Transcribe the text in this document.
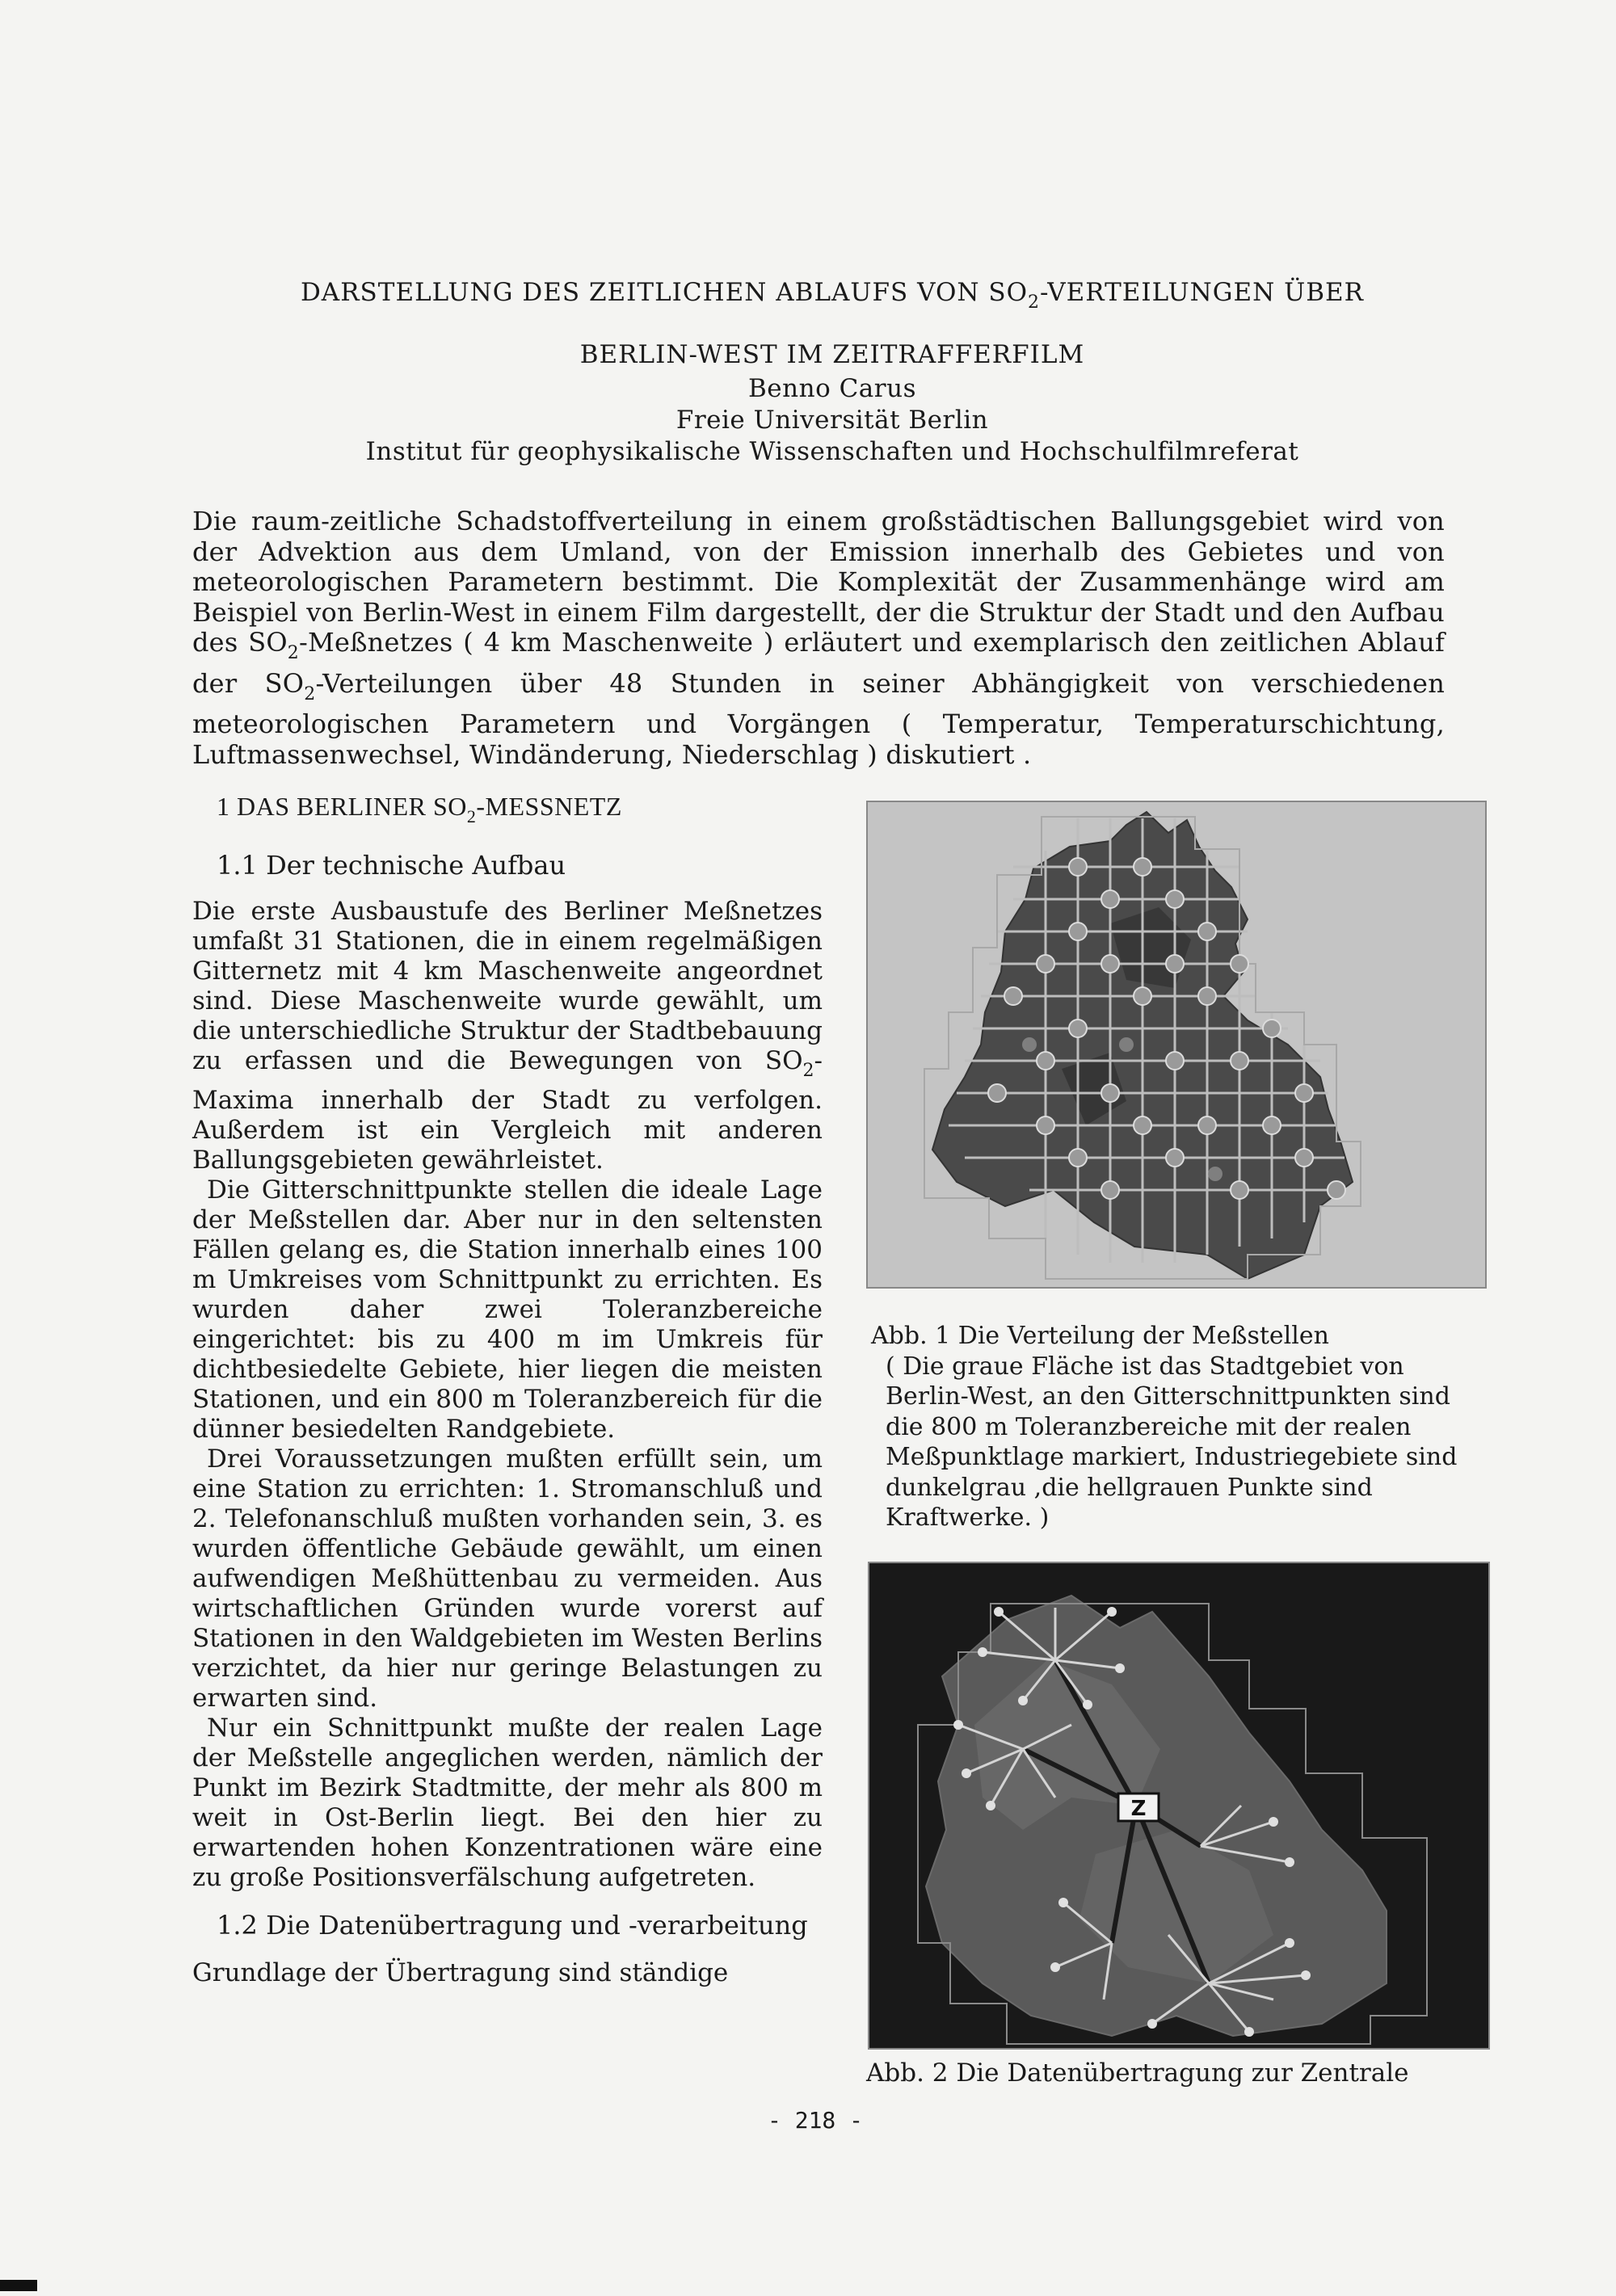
DARSTELLUNG DES ZEITLICHEN ABLAUFS VON $SO_2$-VERTEILUNGEN ÜBER
BERLIN-WEST IM ZEITRAFFERFILM
Benno Carus
Freie Universität Berlin
Institut für geophysikalische Wissenschaften und Hochschulfilmreferat
Die raum-zeitliche Schadstoffverteilung in einem großstädtischen Ballungsgebiet wird von der Advektion aus dem Umland, von der Emission innerhalb des Gebietes und von meteorologischen Parametern bestimmt. Die Komplexität der Zusammenhänge wird am Beispiel von Berlin-West in einem Film dargestellt, der die Struktur der Stadt und den Aufbau des $SO_2$-Meßnetzes ( 4 km Maschenweite ) erläutert und exemplarisch den zeitlichen Ablauf der $SO_2$-Verteilungen über 48 Stunden in seiner Abhängigkeit von verschiedenen meteorologischen Parametern und Vorgängen ( Temperatur, Temperaturschichtung, Luftmassenwechsel, Windänderung, Niederschlag ) diskutiert .
1 DAS BERLINER $SO_2$-MESSNETZ
1.1 Der technische Aufbau

Die erste Ausbaustufe des Berliner Meßnetzes umfaßt 31 Stationen, die in einem regelmäßigen Gitternetz mit 4 km Maschenweite angeordnet sind. Diese Maschenweite wurde gewählt, um die unterschiedliche Struktur der Stadtbebauung zu erfassen und die Bewegungen von $SO_2$-Maxima innerhalb der Stadt zu verfolgen. Außerdem ist ein Vergleich mit anderen Ballungsgebieten gewährleistet.

Die Gitterschnittpunkte stellen die ideale Lage der Meßstellen dar. Aber nur in den seltensten Fällen gelang es, die Station innerhalb eines 100 m Umkreises vom Schnittpunkt zu errichten. Es wurden daher zwei Toleranzbereiche eingerichtet: bis zu 400 m im Umkreis für dichtbesiedelte Gebiete, hier liegen die meisten Stationen, und ein 800 m Toleranzbereich für die dünner besiedelten Randgebiete.

Drei Voraussetzungen mußten erfüllt sein, um eine Station zu errichten: 1. Stromanschluß und 2. Telefonanschluß mußten vorhanden sein, 3. es wurden öffentliche Gebäude gewählt, um einen aufwendigen Meßhüttenbau zu vermeiden. Aus wirtschaftlichen Gründen wurde vorerst auf Stationen in den Waldgebieten im Westen Berlins verzichtet, da hier nur geringe Belastungen zu erwarten sind.

Nur ein Schnittpunkt mußte der realen Lage der Meßstelle angeglichen werden, nämlich der Punkt im Bezirk Stadtmitte, der mehr als 800 m weit in Ost-Berlin liegt. Bei den hier zu erwartenden hohen Konzentrationen wäre eine zu große Positionsverfälschung aufgetreten.

1.2 Die Datenübertragung und -verarbeitung

Grundlage der Übertragung sind ständige

Abb. 1 Die Verteilung der Meßstellen
( Die graue Fläche ist das Stadtgebiet von Berlin-West, an den Gitterschnittpunkten sind die 800 m Toleranzbereiche mit der realen Meßpunktlage markiert, Industriegebiete sind dunkelgrau ,die hellgrauen Punkte sind Kraftwerke. )
Z
Abb. 2 Die Datenübertragung zur Zentrale
- 218 -
